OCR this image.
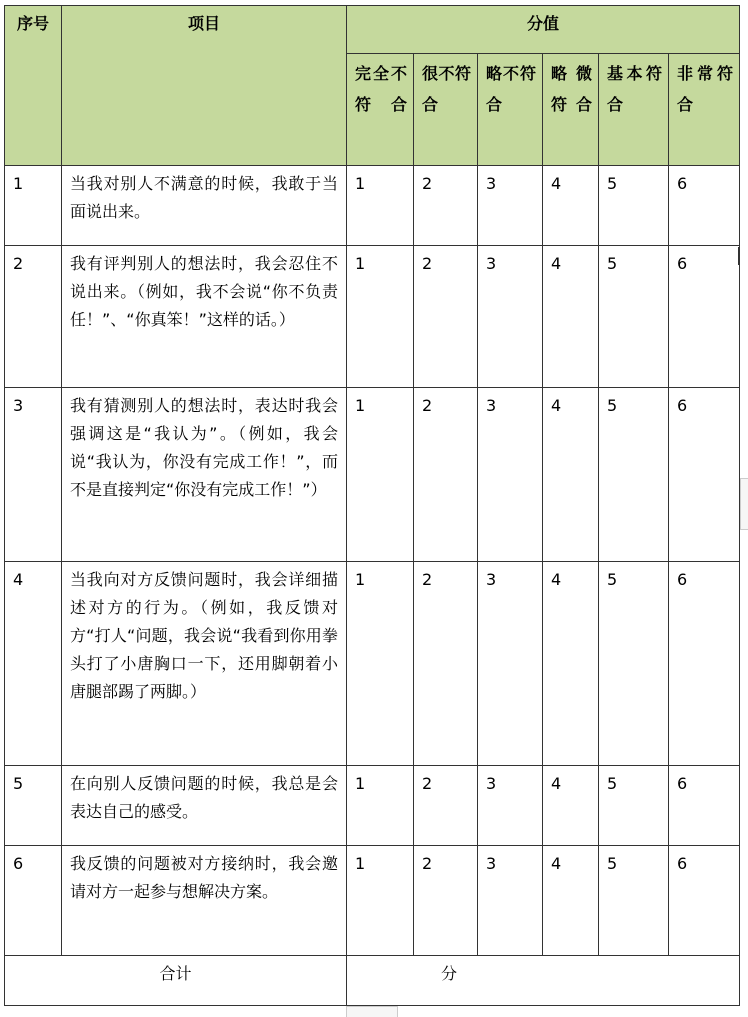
序号	项目	分值					
		完全不符合	很不符合	略不符合	略微符合	基本符合	非常符合
1	当我对别人不满意的时候，我敢于当面说出来。	1	2	3	4	5	6
2	我有评判别人的想法时，我会忍住不说出来。（例如，我不会说“你不负责任！”、“你真笨！”这样的话。）	1	2	3	4	5	6
3	我有猜测别人的想法时，表达时我会强调这是“我认为”。（例如，我会说“我认为，你没有完成工作！”，而不是直接判定“你没有完成工作！”）	1	2	3	4	5	6
4	当我向对方反馈问题时，我会详细描述对方的行为。（例如，我反馈对方“打人“问题，我会说“我看到你用拳头打了小唐胸口一下，还用脚朝着小唐腿部踢了两脚。）	1	2	3	4	5	6
5	在向别人反馈问题的时候，我总是会表达自己的感受。	1	2	3	4	5	6
6	我反馈的问题被对方接纳时，我会邀请对方一起参与想解决方案。	1	2	3	4	5	6
合计		分					
